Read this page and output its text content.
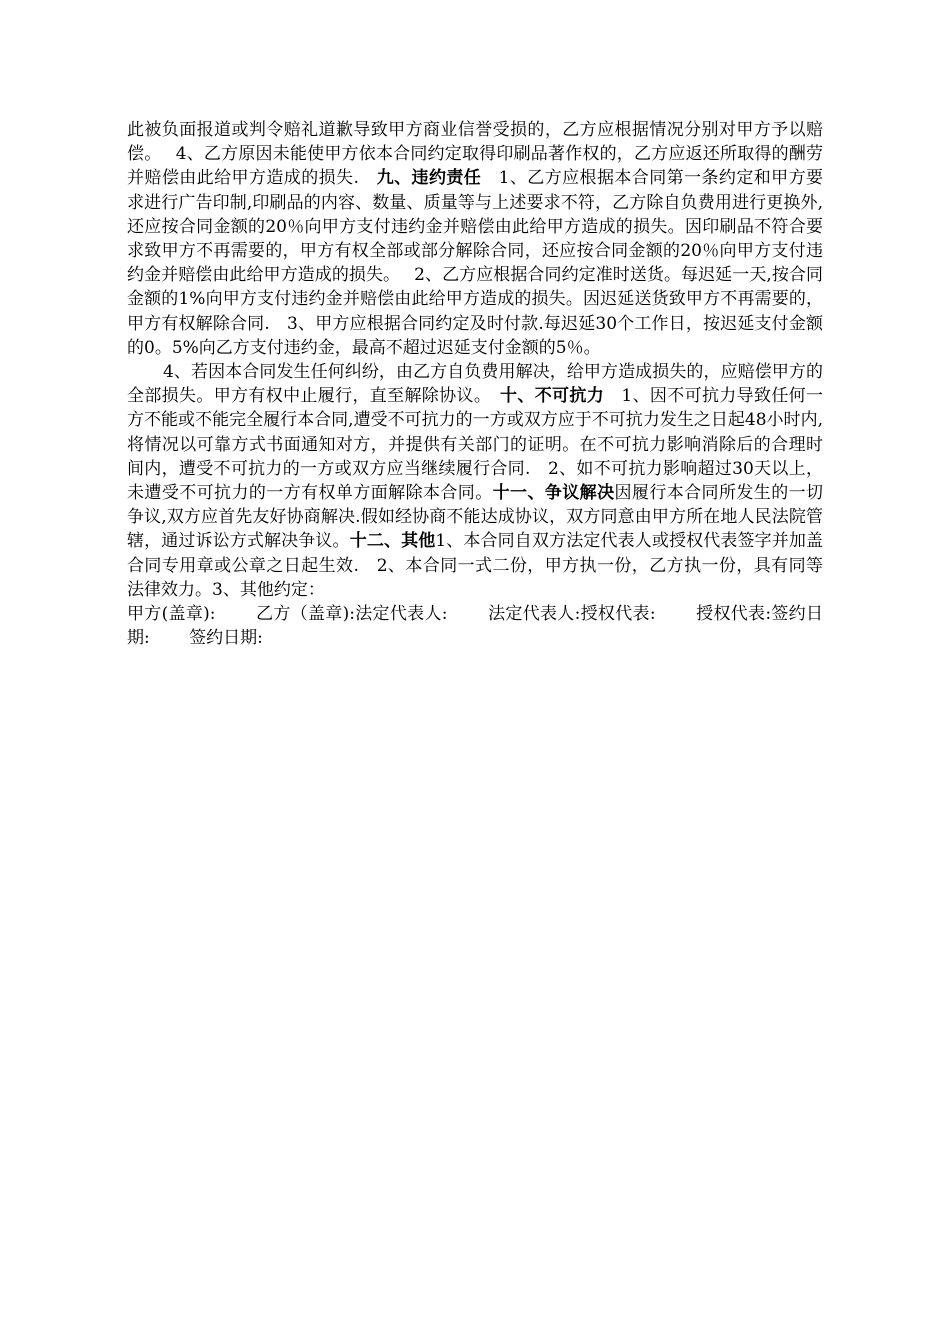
此被负面报道或判令赔礼道歉导致甲方商业信誉受损的，乙方应根据情况分别对甲方予以赔偿。　 4、乙方原因未能使甲方依本合同约定取得印刷品著作权的，乙方应返还所取得的酬劳并赔偿由此给甲方造成的损失.　九、违约责任　1、乙方应根据本合同第一条约定和甲方要求进行广告印制,印刷品的内容、数量、质量等与上述要求不符，乙方除自负费用进行更换外,还应按合同金额的20％向甲方支付违约金并赔偿由此给甲方造成的损失。因印刷品不符合要求致甲方不再需要的，甲方有权全部或部分解除合同，还应按合同金额的20％向甲方支付违约金并赔偿由此给甲方造成的损失。　 2、乙方应根据合同约定准时送货。每迟延一天,按合同金额的1%向甲方支付违约金并赔偿由此给甲方造成的损失。因迟延送货致甲方不再需要的，甲方有权解除合同.　3、甲方应根据合同约定及时付款.每迟延30个工作日，按迟延支付金额的0。5%向乙方支付违约金，最高不超过迟延支付金额的5％。

4、若因本合同发生任何纠纷，由乙方自负费用解决，给甲方造成损失的，应赔偿甲方的全部损失。甲方有权中止履行，直至解除协议。　十、不可抗力　1、因不可抗力导致任何一方不能或不能完全履行本合同,遭受不可抗力的一方或双方应于不可抗力发生之日起48小时内,将情况以可靠方式书面通知对方，并提供有关部门的证明。在不可抗力影响消除后的合理时间内，遭受不可抗力的一方或双方应当继续履行合同.　2、如不可抗力影响超过30天以上，未遭受不可抗力的一方有权单方面解除本合同。十一、争议解决因履行本合同所发生的一切争议,双方应首先友好协商解决.假如经协商不能达成协议，双方同意由甲方所在地人民法院管辖，通过诉讼方式解决争议。十二、其他1、本合同自双方法定代表人或授权代表签字并加盖合同专用章或公章之日起生效.　2、本合同一式二份，甲方执一份，乙方执一份，具有同等法律效力。3、其他约定：

甲方(盖章):　　 乙方（盖章):法定代表人:　　 法定代表人:授权代表:　　 授权代表:签约日期:　　 签约日期:
